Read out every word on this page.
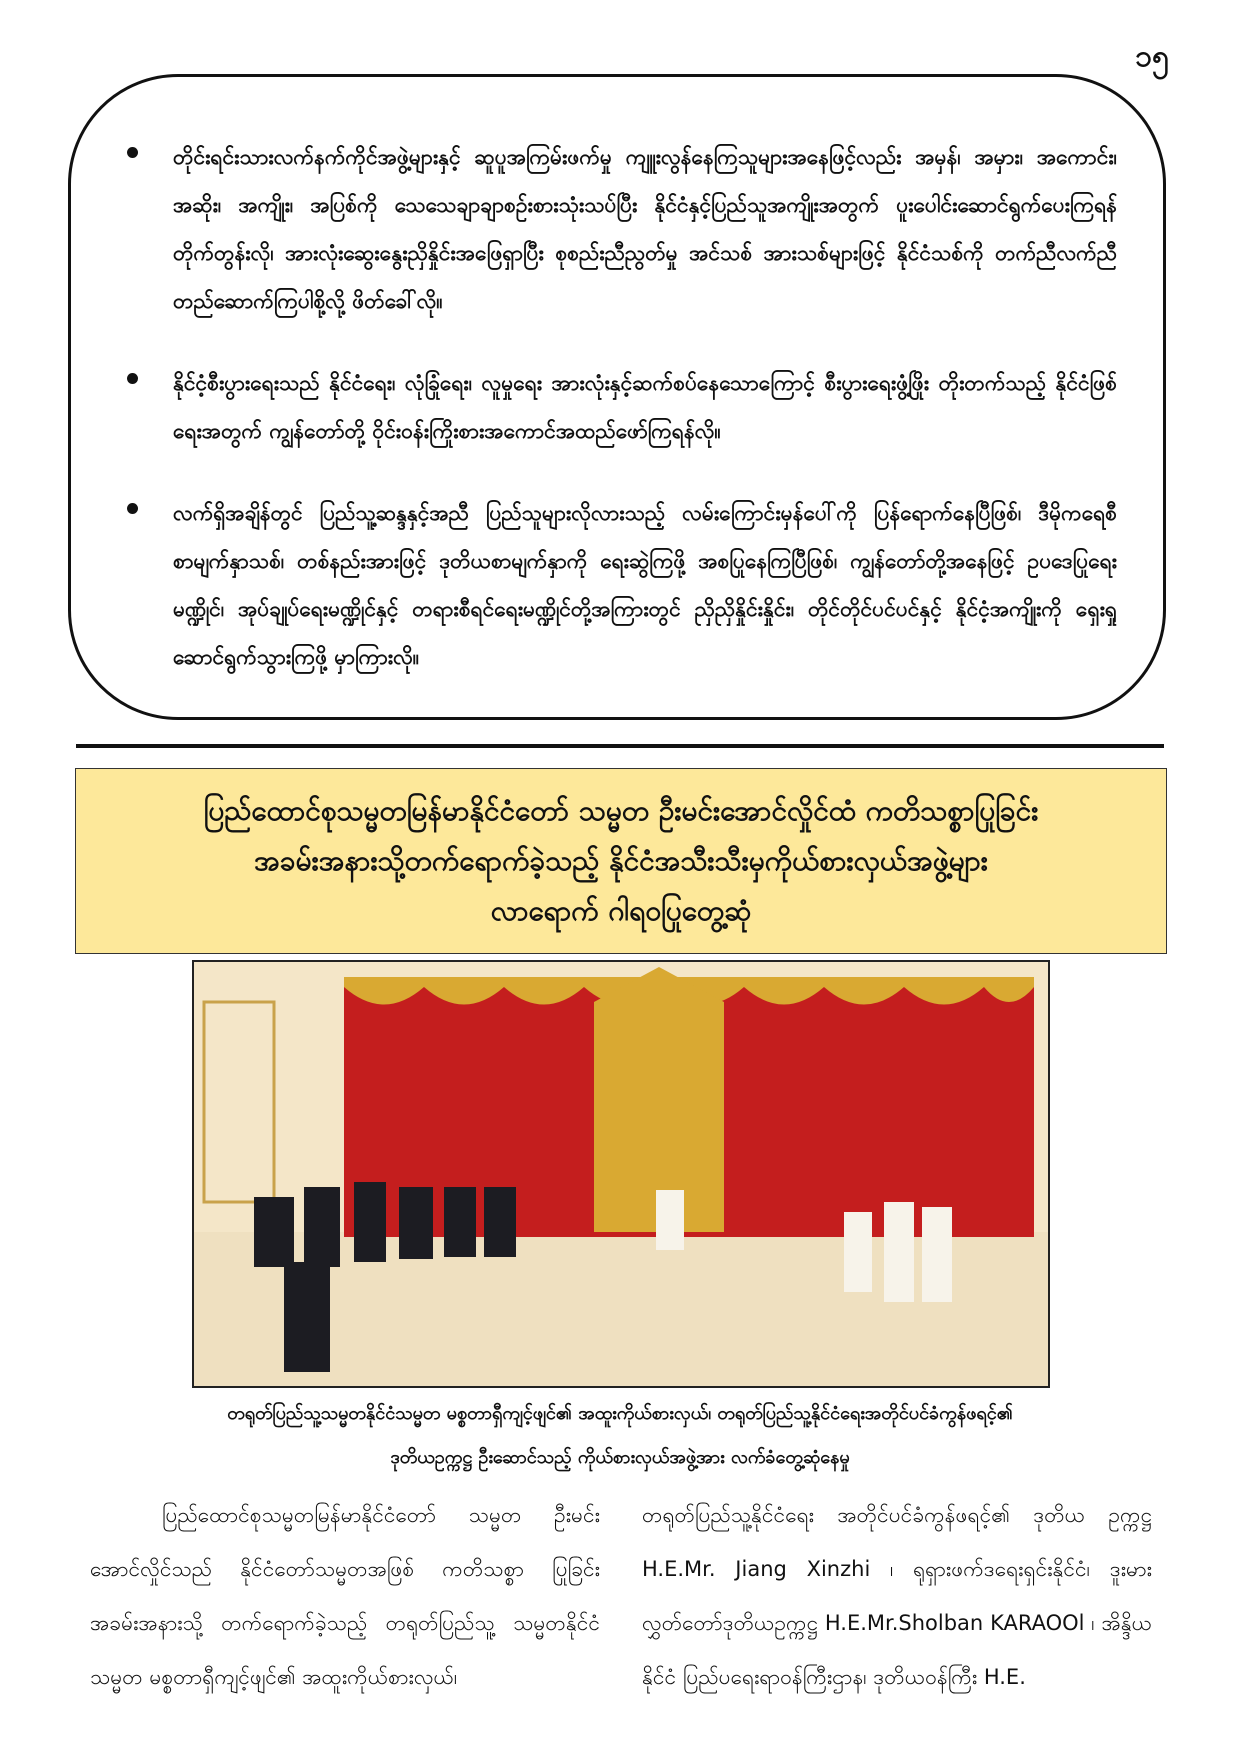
၁၅
တိုင်းရင်းသားလက်နက်ကိုင်အဖွဲ့များနှင့် ဆူပူအကြမ်းဖက်မှု ကျူးလွန်နေကြသူများအနေဖြင့်လည်း အမှန်၊ အမှား၊ အကောင်း၊အဆိုး၊ အကျိုး၊ အပြစ်ကို သေသေချာချာစဉ်းစားသုံးသပ်ပြီး နိုင်ငံနှင့်ပြည်သူအကျိုးအတွက် ပူးပေါင်းဆောင်ရွက်ပေးကြရန် တိုက်တွန်းလို၊ အားလုံးဆွေးနွေးညှိနှိုင်းအဖြေရှာပြီး စုစည်းညီညွတ်မှု အင်သစ် အားသစ်များဖြင့် နိုင်ငံသစ်ကို တက်ညီလက်ညီတည်ဆောက်ကြပါစို့လို့ ဖိတ်ခေါ်လို။
နိုင်ငံ့စီးပွားရေးသည် နိုင်ငံရေး၊ လုံခြုံရေး၊ လူမှုရေး အားလုံးနှင့်ဆက်စပ်နေသောကြောင့် စီးပွားရေးဖွံ့ဖြိုး တိုးတက်သည့် နိုင်ငံဖြစ်ရေးအတွက် ကျွန်တော်တို့ ဝိုင်းဝန်းကြိုးစားအကောင်အထည်ဖော်ကြရန်လို။
လက်ရှိအချိန်တွင် ပြည်သူ့ဆန္ဒနှင့်အညီ ပြည်သူများလိုလားသည့် လမ်းကြောင်းမှန်ပေါ်ကို ပြန်ရောက်နေပြီဖြစ်၊ ဒီမိုကရေစီစာမျက်နှာသစ်၊ တစ်နည်းအားဖြင့် ဒုတိယစာမျက်နှာကို ရေးဆွဲကြဖို့ အစပြုနေကြပြီဖြစ်၊ ကျွန်တော်တို့အနေဖြင့် ဥပဒေပြုရေးမဏ္ဍိုင်၊ အုပ်ချုပ်ရေးမဏ္ဍိုင်နှင့် တရားစီရင်ရေးမဏ္ဍိုင်တို့အကြားတွင် ညှိညှိနှိုင်းနှိုင်း၊ တိုင်တိုင်ပင်ပင်နှင့် နိုင်ငံ့အကျိုးကို ရှေးရှုဆောင်ရွက်သွားကြဖို့ မှာကြားလို။
ပြည်ထောင်စုသမ္မတမြန်မာနိုင်ငံတော် သမ္မတ ဦးမင်းအောင်လှိုင်ထံ ကတိသစ္စာပြုခြင်း
အခမ်းအနားသို့တက်ရောက်ခဲ့သည့် နိုင်ငံအသီးသီးမှကိုယ်စားလှယ်အဖွဲ့များ
လာရောက် ဂါရဝပြုတွေ့ဆုံ
တရုတ်ပြည်သူ့သမ္မတနိုင်ငံသမ္မတ မစ္စတာရှီကျင့်ဖျင်၏ အထူးကိုယ်စားလှယ်၊ တရုတ်ပြည်သူ့နိုင်ငံရေးအတိုင်ပင်ခံကွန်ဖရင့်၏
ဒုတိယဥက္ကဋ္ဌ ဦးဆောင်သည့် ကိုယ်စားလှယ်အဖွဲ့အား လက်ခံတွေ့ဆုံနေမှု

ပြည်ထောင်စုသမ္မတမြန်မာနိုင်ငံတော် သမ္မတ ဦးမင်းအောင်လှိုင်သည် နိုင်ငံတော်သမ္မတအဖြစ် ကတိသစ္စာ ပြုခြင်းအခမ်းအနားသို့ တက်ရောက်ခဲ့သည့် တရုတ်ပြည်သူ့ သမ္မတနိုင်ငံသမ္မတ မစ္စတာရှီကျင့်ဖျင်၏ အထူးကိုယ်စားလှယ်၊

တရုတ်ပြည်သူ့နိုင်ငံရေး အတိုင်ပင်ခံကွန်ဖရင့်၏ ဒုတိယ ဥက္ကဋ္ဌ H.E.Mr. Jiang Xinzhi ၊ ရုရှားဖက်ဒရေးရှင်းနိုင်ငံ၊ ဒူးမား လွှတ်တော်ဒုတိယဥက္ကဋ္ဌ H.E.Mr.Sholban KARAOOl ၊ အိန္ဒိယနိုင်ငံ ပြည်ပရေးရာဝန်ကြီးဌာန၊ ဒုတိယဝန်ကြီး H.E.
